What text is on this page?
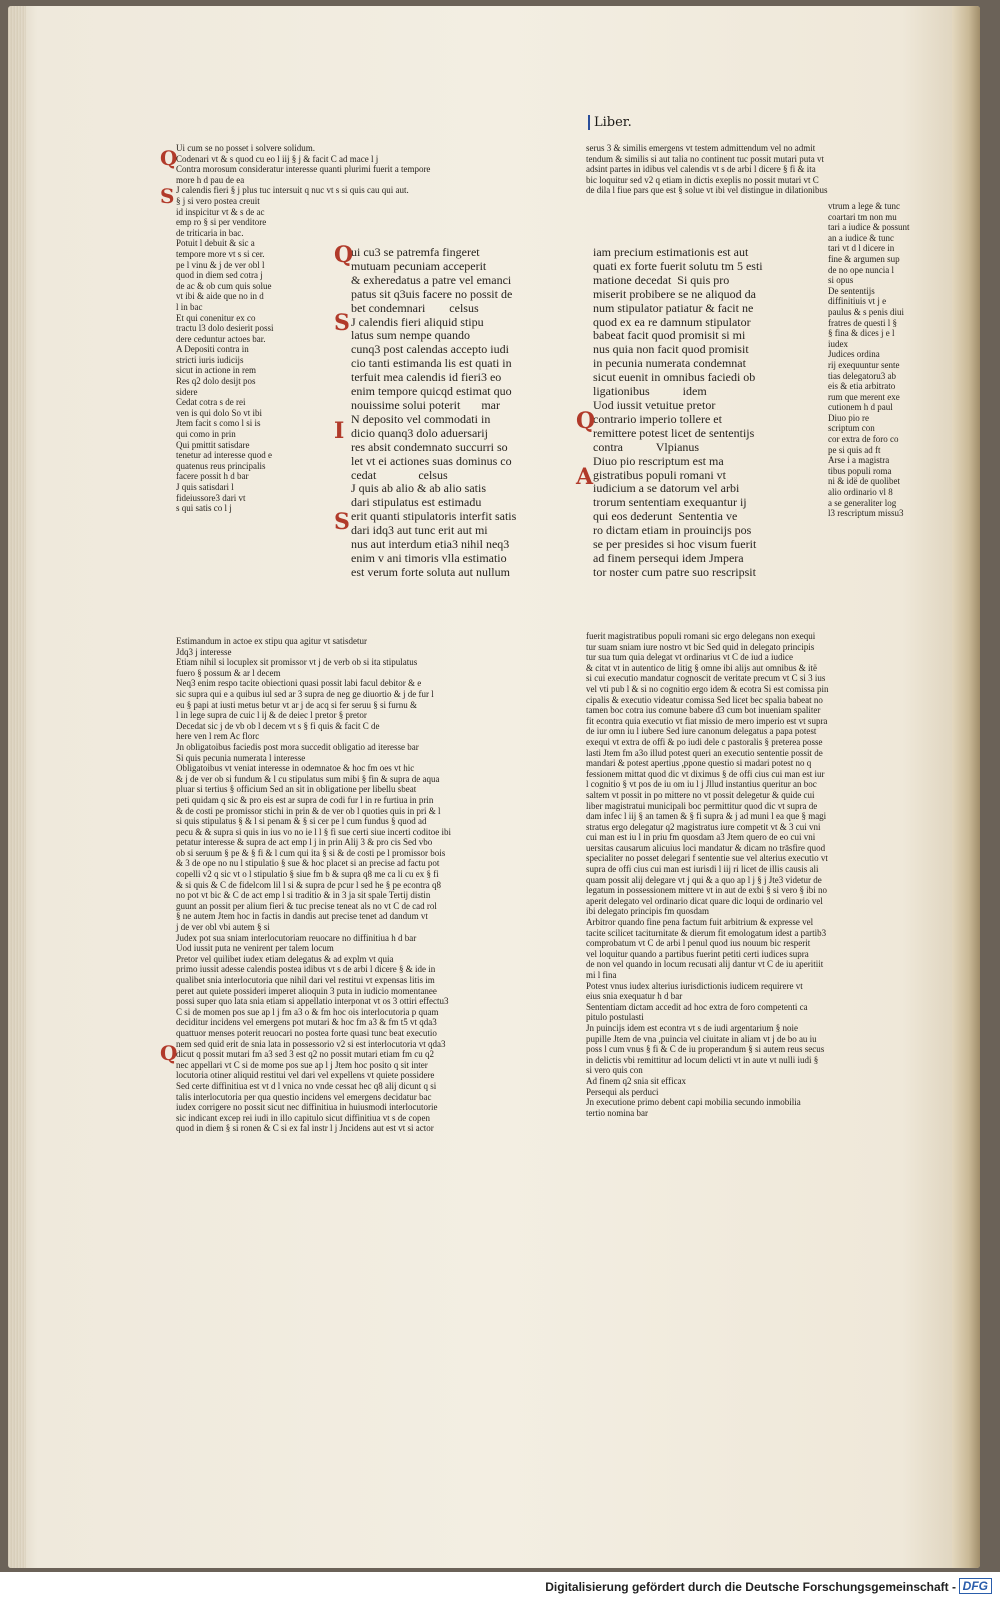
Liber.
Ui cum se no posset i solvere solidum.
Codenari vt & s quod cu eo l iij § j & facit C ad mace l j
Contra morosum consideratur interesse quanti plurimi fuerit a tempore
more h d pau de ea
J calendis fieri § j plus tuc intersuit q nuc vt s si quis cau qui aut.
§ j si vero postea creuit
id inspicitur vt & s de ac
emp ro § si per venditore
de triticaria in bac.
Potuit l debuit & sic a
tempore more vt s si cer.
pe l vinu & j de ver obl l
quod in diem sed cotra j
de ac & ob cum quis solue
vt ibi & aide que no in d
l in bac
Et qui conenitur ex co
tractu l3 dolo desierit possi
dere ceduntur actoes bar.
A Depositi contra in
stricti iuris iudicijs
sicut in actione in rem
Res q2 dolo desijt pos
sidere
Cedat cotra s de rei
ven is qui dolo So vt ibi
Jtem facit s como l si is
qui como in prin
Qui pmittit satisdare
tenetur ad interesse quod e
quatenus reus principalis
facere possit h d bar
J quis satisdari l
fideiussore3 dari vt
s qui satis co l j
Estimandum in actoe ex stipu qua agitur vt satisdetur
Jdq3 j interesse
Etiam nihil si locuplex sit promissor vt j de verb ob si ita stipulatus
fuero § possum & ar l decem
Neq3 enim respo tacite obiectioni quasi possit labi facul debitor & e
sic supra qui e a quibus iul sed ar 3 supra de neg ge diuortio & j de fur l
eu § papi at iusti metus betur vt ar j de acq si fer seruu § si furnu &
l in lege supra de cuic l ij & de deiec l pretor § pretor
Decedat sic j de vb ob l decem vt s § fi quis & facit C de
here ven l rem Ac florc
Jn obligatoibus faciedis post mora succedit obligatio ad iteresse bar
Si quis pecunia numerata l interesse
Obligatoibus vt veniat interesse in odemnatoe & hoc fm oes vt hic
& j de ver ob si fundum & l cu stipulatus sum mibi § fin & supra de aqua
pluar si tertius § officium Sed an sit in obligatione per libellu sbeat
peti quidam q sic & pro eis est ar supra de codi fur l in re furtiua in prin
& de costi pe promissor stichi in prin & de ver ob l quoties quis in pri & l
si quis stipulatus § & l si penam & § si cer pe l cum fundus § quod ad
pecu & & supra si quis in ius vo no ie l l § fi sue certi siue incerti coditoe ibi
petatur interesse & supra de act emp l j in prin Alij 3 & pro cis Sed vbo
ob si seruum § pe & § fi & l cum qui ita § si & de costi pe l promissor bois
& 3 de ope no nu l stipulatio § sue & hoc placet si an precise ad factu pot
copelli v2 q sic vt o l stipulatio § siue fm b & supra q8 me ca li cu ex § fi
& si quis & C de fidelcom lil l si & supra de pcur l sed he § pe econtra q8
no pot vt bic & C de act emp l si traditio & in 3 ja sit spale Tertij distin
guunt an possit per alium fieri & tuc precise teneat als no vt C de cad rol
§ ne autem Jtem hoc in factis in dandis aut precise tenet ad dandum vt
j de ver obl vbi autem § si
Judex pot sua sniam interlocutoriam reuocare no diffinitiua h d bar
Uod iussit puta ne venirent per talem locum
Pretor vel quilibet iudex etiam delegatus & ad explm vt quia
primo iussit adesse calendis postea idibus vt s de arbi l dicere § & ide in
qualibet snia interlocutoria que nihil dari vel restitui vt expensas litis im
peret aut quiete possideri imperet alioquin 3 puta in iudicio momentanee
possi super quo lata snia etiam si appellatio interponat vt os 3 ottiri effectu3
C si de momen pos sue ap l j fm a3 o & fm hoc ois interlocutoria p quam
deciditur incidens vel emergens pot mutari & hoc fm a3 & fm t5 vt qda3
quattuor menses poterit reuocari no postea forte quasi tunc beat executio
nem sed quid erit de snia lata in possessorio v2 si est interlocutoria vt qda3
dicut q possit mutari fm a3 sed 3 est q2 no possit mutari etiam fm cu q2
nec appellari vt C si de mome pos sue ap l j Jtem hoc posito q sit inter
locutoria otiner aliquid restitui vel dari vel expellens vt quiete possidere
Sed certe diffinitiua est vt d l vnica no vnde cessat hec q8 alij dicunt q si
talis interlocutoria per qua questio incidens vel emergens decidatur bac
iudex corrigere no possit sicut nec diffinitiua in huiusmodi interlocutorie
sic indicant excep rei iudi in illo capitulo sicut diffinitiua vt s de copen
quod in diem § si ronen & C si ex fal instr l j Jncidens aut est vt si actor
ui cu3 se patremfa fingeret
mutuam pecuniam acceperit
& exheredatus a patre vel emanci
patus sit q3uis facere no possit de
bet condemnari        celsus
J calendis fieri aliquid stipu
latus sum nempe quando
cunq3 post calendas accepto iudi
cio tanti estimanda lis est quati in
terfuit mea calendis id fieri3 eo
enim tempore quicqd estimat quo
nouissime solui poterit       mar
N deposito vel commodati in
dicio quanq3 dolo aduersarij
res absit condemnato succurri so
let vt ei actiones suas dominus co
cedat              celsus
J quis ab alio & ab alio satis
dari stipulatus est estimadu
erit quanti stipulatoris interfit satis
dari idq3 aut tunc erit aut mi
nus aut interdum etia3 nihil neq3
enim v ani timoris vlla estimatio
est verum forte soluta aut nullum
iam precium estimationis est aut
quati ex forte fuerit solutu tm 5 esti
matione decedat  Si quis pro
miserit probibere se ne aliquod da
num stipulator patiatur & facit ne
quod ex ea re damnum stipulator
babeat facit quod promisit si mi
nus quia non facit quod promisit
in pecunia numerata condemnat
sicut euenit in omnibus faciedi ob
ligationibus           idem
Uod iussit vetuitue pretor
contrario imperio tollere et
remittere potest licet de sententijs
contra           Vlpianus
Diuo pio rescriptum est ma
gistratibus populi romani vt
iudicium a se datorum vel arbi
trorum sententiam exequantur ij
qui eos dederunt  Sententia ve
ro dictam etiam in prouincijs pos
se per presides si hoc visum fuerit
ad finem persequi idem Jmpera
tor noster cum patre suo rescripsit
serus 3 & similis emergens vt testem admittendum vel no admit
tendum & similis si aut talia no continent tuc possit mutari puta vt
adsint partes in idibus vel calendis vt s de arbi l dicere § fi & ita
bic loquitur sed v2 q etiam in dictis exeplis no possit mutari vt C
de dila l fiue pars que est § solue vt ibi vel distingue in dilationibus
vtrum a lege & tunc
coartari tm non mu
tari a iudice & possunt
an a iudice & tunc
tari vt d l dicere in
fine & argumen sup
de no ope nuncia l
si opus
De sententijs
diffinitiuis vt j e
paulus & s penis diui
fratres de questi l §
§ fina & dices j e l
iudex
Judices ordina
rij exequuntur sente
tias delegatoru3 ab
eis & etia arbitrato
rum que merent exe
cutionem h d paul
Diuo pio re
scriptum con
cor extra de foro co
pe si quis ad ft
Arse i a magistra
tibus populi roma
ni & idë de quolibet
alio ordinario vl 8
a se generaliter log
l3 rescriptum missu3
fuerit magistratibus populi romani sic ergo delegans non exequi
tur suam sniam iure nostro vt bic Sed quid in delegato principis
tur sua tum quia delegat vt ordinarius vt C de iud a iudice
& citat vt in autentico de litig § omne ibi alijs aut omnibus & itë
si cui executio mandatur cognoscit de veritate precum vt C si 3 ius
vel vti pub l & si no cognitio ergo idem & ecotra Si est comissa pin
cipalis & executio videatur comissa Sed licet bec spalia babeat no
tamen boc cotra ius comune babere d3 cum bot inueniam spaliter
fit econtra quia executio vt fiat missio de mero imperio est vt supra
de iur omn iu l iubere Sed iure canonum delegatus a papa potest
exequi vt extra de offi & po iudi dele c pastoralis § preterea posse
lasti Jtem fm a3o illud potest queri an executio sententie possit de
mandari & potest apertius ,ppone questio si madari potest no q
fessionem mittat quod dic vt diximus § de offi cius cui man est iur
l cognitio § vt pos de iu om iu l j Jllud instantius queritur an boc
saltem vt possit in po mittere no vt possit delegetur & quide cui
liber magistratui municipali boc permittitur quod dic vt supra de
dam infec l iij § an tamen & § fi supra & j ad muni l ea que § magi
stratus ergo delegatur q2 magistratus iure competit vt & 3 cui vni
cui man est iu l in priu fm quosdam a3 Jtem quero de eo cui vni
uersitas causarum alicuius loci mandatur & dicam no trāsfire quod
specialiter no posset delegari f sententie sue vel alterius executio vt
supra de offi cius cui man est iurisdi l iij ri licet de illis causis ali
quam possit alij delegare vt j qui & a quo ap l j § j Jte3 videtur de
legatum in possessionem mittere vt in aut de exbi § si vero § ibi no
aperit delegato vel ordinario dicat quare dic loqui de ordinario vel
ibi delegato principis fm quosdam
Arbitror quando fine pena factum fuit arbitrium & expresse vel
tacite scilicet taciturnitate & dierum fit emologatum idest a partib3
comprobatum vt C de arbi l penul quod ius nouum bic resperit
vel loquitur quando a partibus fuerint petiti certi iudices supra
de non vel quando in locum recusati alij dantur vt C de iu aperitiit
mi l fina
Potest vnus iudex alterius iurisdictionis iudicem requirere vt
eius snia exequatur h d bar
Sententiam dictam accedit ad hoc extra de foro competenti ca
pitulo postulasti
Jn puincijs idem est econtra vt s de iudi argentarium § noie
pupille Jtem de vna ,puincia vel ciuitate in aliam vt j de bo au iu
poss l cum vnus § fi & C de iu properandum § si autem reus secus
in delictis vbi remittitur ad locum delicti vt in aute vt nulli iudi §
si vero quis con
Ad finem q2 snia sit efficax
Persequi als perduci
Jn executione primo debent capi mobilia secundo inmobilia
tertio nomina bar
Q
S
I
S
Q
A
Q
S
Q
Digitalisierung gefördert durch die Deutsche Forschungsgemeinschaft - DFG
